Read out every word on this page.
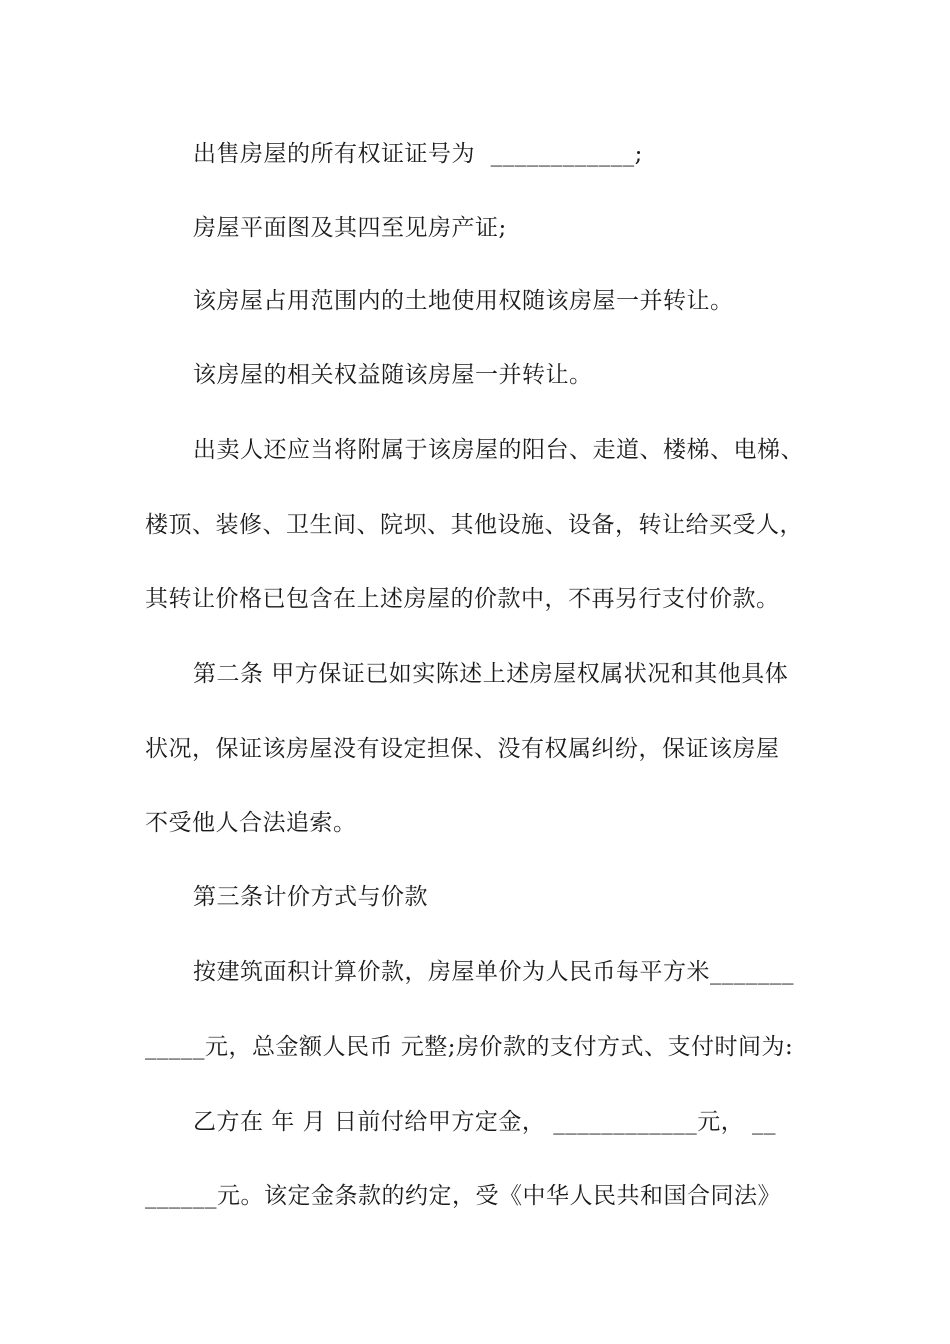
出售房屋的所有权证证号为  ____________;

房屋平面图及其四至见房产证;

该房屋占用范围内的土地使用权随该房屋一并转让。

该房屋的相关权益随该房屋一并转让。

出卖人还应当将附属于该房屋的阳台、走道、楼梯、电梯、

楼顶、装修、卫生间、院坝、其他设施、设备，转让给买受人，

其转让价格已包含在上述房屋的价款中，不再另行支付价款。

第二条 甲方保证已如实陈述上述房屋权属状况和其他具体

状况，保证该房屋没有设定担保、没有权属纠纷，保证该房屋

不受他人合法追索。

第三条计价方式与价款

按建筑面积计算价款，房屋单价为人民币每平方米_______

_____元，总金额人民币 元整;房价款的支付方式、支付时间为:

乙方在 年 月 日前付给甲方定金， ____________元， __

______元。该定金条款的约定，受《中华人民共和国合同法》
